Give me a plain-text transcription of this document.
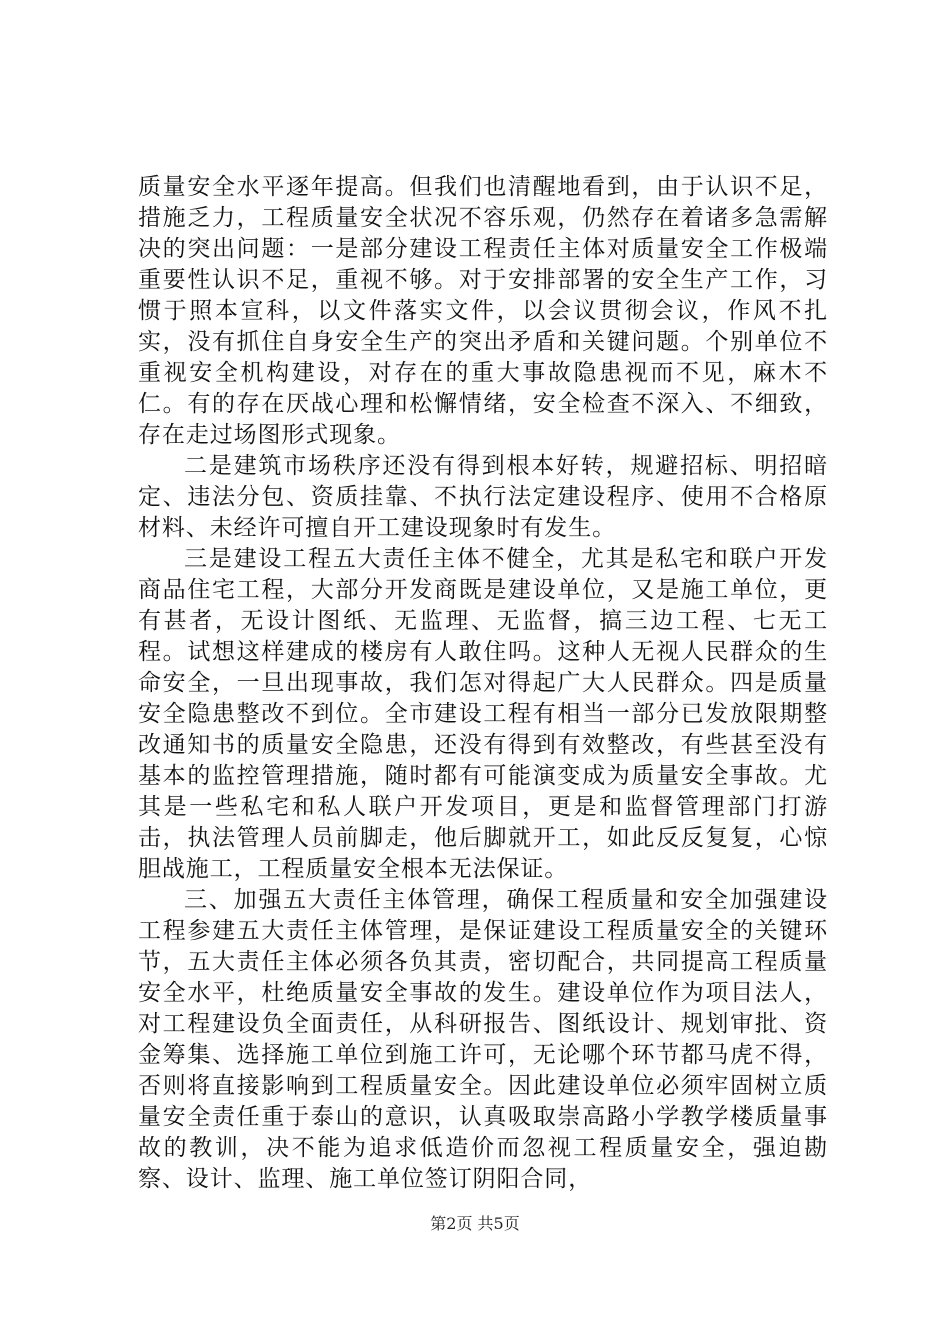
质量安全水平逐年提高。但我们也清醒地看到，由于认识不足，措施乏力，工程质量安全状况不容乐观，仍然存在着诸多急需解决的突出问题：一是部分建设工程责任主体对质量安全工作极端重要性认识不足，重视不够。对于安排部署的安全生产工作，习惯于照本宣科，以文件落实文件，以会议贯彻会议，作风不扎实，没有抓住自身安全生产的突出矛盾和关键问题。个别单位不重视安全机构建设，对存在的重大事故隐患视而不见，麻木不仁。有的存在厌战心理和松懈情绪，安全检查不深入、不细致，存在走过场图形式现象。

二是建筑市场秩序还没有得到根本好转，规避招标、明招暗定、违法分包、资质挂靠、不执行法定建设程序、使用不合格原材料、未经许可擅自开工建设现象时有发生。

三是建设工程五大责任主体不健全，尤其是私宅和联户开发商品住宅工程，大部分开发商既是建设单位，又是施工单位，更有甚者，无设计图纸、无监理、无监督，搞三边工程、七无工程。试想这样建成的楼房有人敢住吗。这种人无视人民群众的生命安全，一旦出现事故，我们怎对得起广大人民群众。四是质量安全隐患整改不到位。全市建设工程有相当一部分已发放限期整改通知书的质量安全隐患，还没有得到有效整改，有些甚至没有基本的监控管理措施，随时都有可能演变成为质量安全事故。尤其是一些私宅和私人联户开发项目，更是和监督管理部门打游击，执法管理人员前脚走，他后脚就开工，如此反反复复，心惊胆战施工，工程质量安全根本无法保证。

三、加强五大责任主体管理，确保工程质量和安全加强建设工程参建五大责任主体管理，是保证建设工程质量安全的关键环节，五大责任主体必须各负其责，密切配合，共同提高工程质量安全水平，杜绝质量安全事故的发生。建设单位作为项目法人，对工程建设负全面责任，从科研报告、图纸设计、规划审批、资金筹集、选择施工单位到施工许可，无论哪个环节都马虎不得，否则将直接影响到工程质量安全。因此建设单位必须牢固树立质量安全责任重于泰山的意识，认真吸取崇高路小学教学楼质量事故的教训，决不能为追求低造价而忽视工程质量安全，强迫勘察、设计、监理、施工单位签订阴阳合同，

第2页 共5页
